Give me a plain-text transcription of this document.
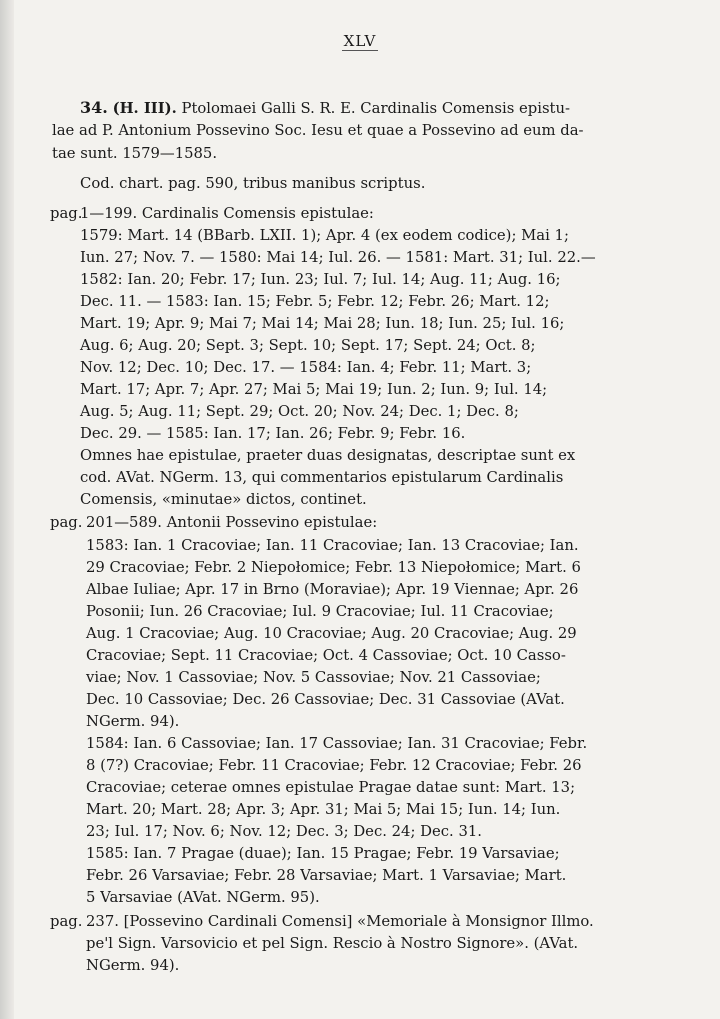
XLV
34. (H. III). Ptolomaei Galli S. R. E. Cardinalis Comensis epistu-
lae ad P. Antonium Possevino Soc. Iesu et quae a Possevino ad eum da-
tae sunt. 1579—1585.
Cod. chart. pag. 590, tribus manibus scriptus.
pag.
1—199. Cardinalis Comensis epistulae:
1579: Mart. 14 (BBarb. LXII. 1); Apr. 4 (ex eodem codice); Mai 1;
Iun. 27; Nov. 7. — 1580: Mai 14; Iul. 26. — 1581: Mart. 31; Iul. 22.—
1582: Ian. 20; Febr. 17; Iun. 23; Iul. 7; Iul. 14; Aug. 11; Aug. 16;
Dec. 11. — 1583: Ian. 15; Febr. 5; Febr. 12; Febr. 26; Mart. 12;
Mart. 19; Apr. 9; Mai 7; Mai 14; Mai 28; Iun. 18; Iun. 25; Iul. 16;
Aug. 6; Aug. 20; Sept. 3; Sept. 10; Sept. 17; Sept. 24; Oct. 8;
Nov. 12; Dec. 10; Dec. 17. — 1584: Ian. 4; Febr. 11; Mart. 3;
Mart. 17; Apr. 7; Apr. 27; Mai 5; Mai 19; Iun. 2; Iun. 9; Iul. 14;
Aug. 5; Aug. 11; Sept. 29; Oct. 20; Nov. 24; Dec. 1; Dec. 8;
Dec. 29. — 1585: Ian. 17; Ian. 26; Febr. 9; Febr. 16.
Omnes hae epistulae, praeter duas designatas, descriptae sunt ex
cod. AVat. NGerm. 13, qui commentarios epistularum Cardinalis
Comensis, «minutae» dictos, continet.
pag. 201—589. Antonii Possevino epistulae:
1583: Ian. 1 Cracoviae; Ian. 11 Cracoviae; Ian. 13 Cracoviae; Ian.
29 Cracoviae; Febr. 2 Niepołomice; Febr. 13 Niepołomice; Mart. 6
Albae Iuliae; Apr. 17 in Brno (Moraviae); Apr. 19 Viennae; Apr. 26
Posonii; Iun. 26 Cracoviae; Iul. 9 Cracoviae; Iul. 11 Cracoviae;
Aug. 1 Cracoviae; Aug. 10 Cracoviae; Aug. 20 Cracoviae; Aug. 29
Cracoviae; Sept. 11 Cracoviae; Oct. 4 Cassoviae; Oct. 10 Casso-
viae; Nov. 1 Cassoviae; Nov. 5 Cassoviae; Nov. 21 Cassoviae;
Dec. 10 Cassoviae; Dec. 26 Cassoviae; Dec. 31 Cassoviae (AVat.
NGerm. 94).
1584: Ian. 6 Cassoviae; Ian. 17 Cassoviae; Ian. 31 Cracoviae; Febr.
8 (7?) Cracoviae; Febr. 11 Cracoviae; Febr. 12 Cracoviae; Febr. 26
Cracoviae; ceterae omnes epistulae Pragae datae sunt: Mart. 13;
Mart. 20; Mart. 28; Apr. 3; Apr. 31; Mai 5; Mai 15; Iun. 14; Iun.
23; Iul. 17; Nov. 6; Nov. 12; Dec. 3; Dec. 24; Dec. 31.
1585: Ian. 7 Pragae (duae); Ian. 15 Pragae; Febr. 19 Varsaviae;
Febr. 26 Varsaviae; Febr. 28 Varsaviae; Mart. 1 Varsaviae; Mart.
5 Varsaviae (AVat. NGerm. 95).
pag. 237. [Possevino Cardinali Comensi] «Memoriale à Monsignor Illmo.
pe'l Sign. Varsovicio et pel Sign. Rescio à Nostro Signore». (AVat.
NGerm. 94).
